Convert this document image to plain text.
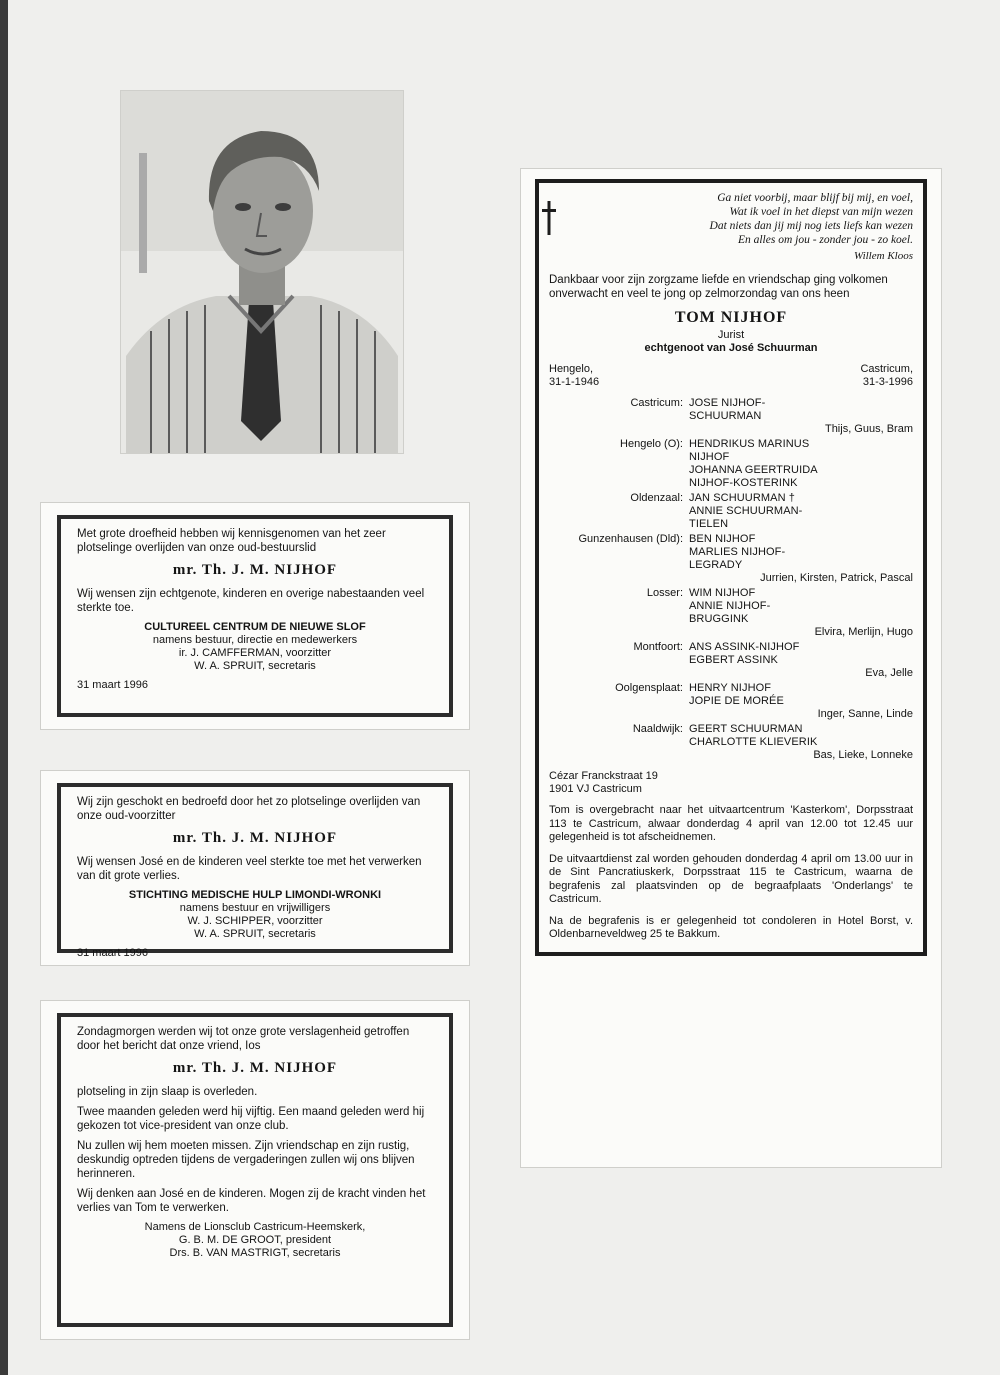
Met grote droefheid hebben wij kennisgenomen van het zeer plotselinge overlijden van onze oud-bestuurslid

mr. Th. J. M. NIJHOF

Wij wensen zijn echtgenote, kinderen en overige nabestaanden veel sterkte toe.

CULTUREEL CENTRUM DE NIEUWE SLOF

namens bestuur, directie en medewerkers

ir. J. CAMFFERMAN, voorzitter

W. A. SPRUIT, secretaris

31 maart 1996

Wij zijn geschokt en bedroefd door het zo plotselinge overlijden van onze oud-voorzitter

mr. Th. J. M. NIJHOF

Wij wensen José en de kinderen veel sterkte toe met het verwerken van dit grote verlies.

STICHTING MEDISCHE HULP LIMONDI-WRONKI

namens bestuur en vrijwilligers

W. J. SCHIPPER, voorzitter

W. A. SPRUIT, secretaris

31 maart 1996

Zondagmorgen werden wij tot onze grote verslagenheid getroffen door het bericht dat onze vriend, Ios

mr. Th. J. M. NIJHOF

plotseling in zijn slaap is overleden.

Twee maanden geleden werd hij vijftig. Een maand geleden werd hij gekozen tot vice-president van onze club.

Nu zullen wij hem moeten missen. Zijn vriendschap en zijn rustig, deskundig optreden tijdens de vergaderingen zullen wij ons blijven herinneren.

Wij denken aan José en de kinderen. Mogen zij de kracht vinden het verlies van Tom te verwerken.

Namens de Lionsclub Castricum-Heemskerk,

G. B. M. DE GROOT, president

Drs. B. VAN MASTRIGT, secretaris

Ga niet voorbij, maar blijf bij mij, en voel,
Wat ik voel in het diepst van mijn wezen
Dat niets dan jij mij nog iets liefs kan wezen
En alles om jou - zonder jou - zo koel.
Willem Kloos
Dankbaar voor zijn zorgzame liefde en vriendschap ging volkomen onverwacht en veel te jong op zelmorzondag van ons heen
TOM NIJHOF
Jurist
echtgenoot van José Schuurman
Hengelo,
31-1-1946
Castricum,
31-3-1996
Castricum: JOSE NIJHOF-
SCHUURMAN
Thijs, Guus, Bram
Hengelo (O): HENDRIKUS MARINUS
NIJHOF
JOHANNA GEERTRUIDA
NIJHOF-KOSTERINK
Oldenzaal: JAN SCHUURMAN †
ANNIE SCHUURMAN-
TIELEN
Gunzenhausen (Dld): BEN NIJHOF
MARLIES NIJHOF-
LEGRADY
Jurrien, Kirsten, Patrick, Pascal
Losser: WIM NIJHOF
ANNIE NIJHOF-
BRUGGINK
Elvira, Merlijn, Hugo
Montfoort: ANS ASSINK-NIJHOF
EGBERT ASSINK
Eva, Jelle
Oolgensplaat: HENRY NIJHOF
JOPIE DE MORÉE
Inger, Sanne, Linde
Naaldwijk: GEERT SCHUURMAN
CHARLOTTE KLIEVERIK
Bas, Lieke, Lonneke
Cézar Franckstraat 19
1901 VJ Castricum
Tom is overgebracht naar het uitvaartcentrum 'Kasterkom', Dorpsstraat 113 te Castricum, alwaar donderdag 4 april van 12.00 tot 12.45 uur gelegenheid is tot afscheidnemen.
De uitvaartdienst zal worden gehouden donderdag 4 april om 13.00 uur in de Sint Pancratiuskerk, Dorpsstraat 115 te Castricum, waarna de begrafenis zal plaatsvinden op de begraafplaats 'Onderlangs' te Castricum.
Na de begrafenis is er gelegenheid tot condoleren in Hotel Borst, v. Oldenbarneveldweg 25 te Bakkum.
